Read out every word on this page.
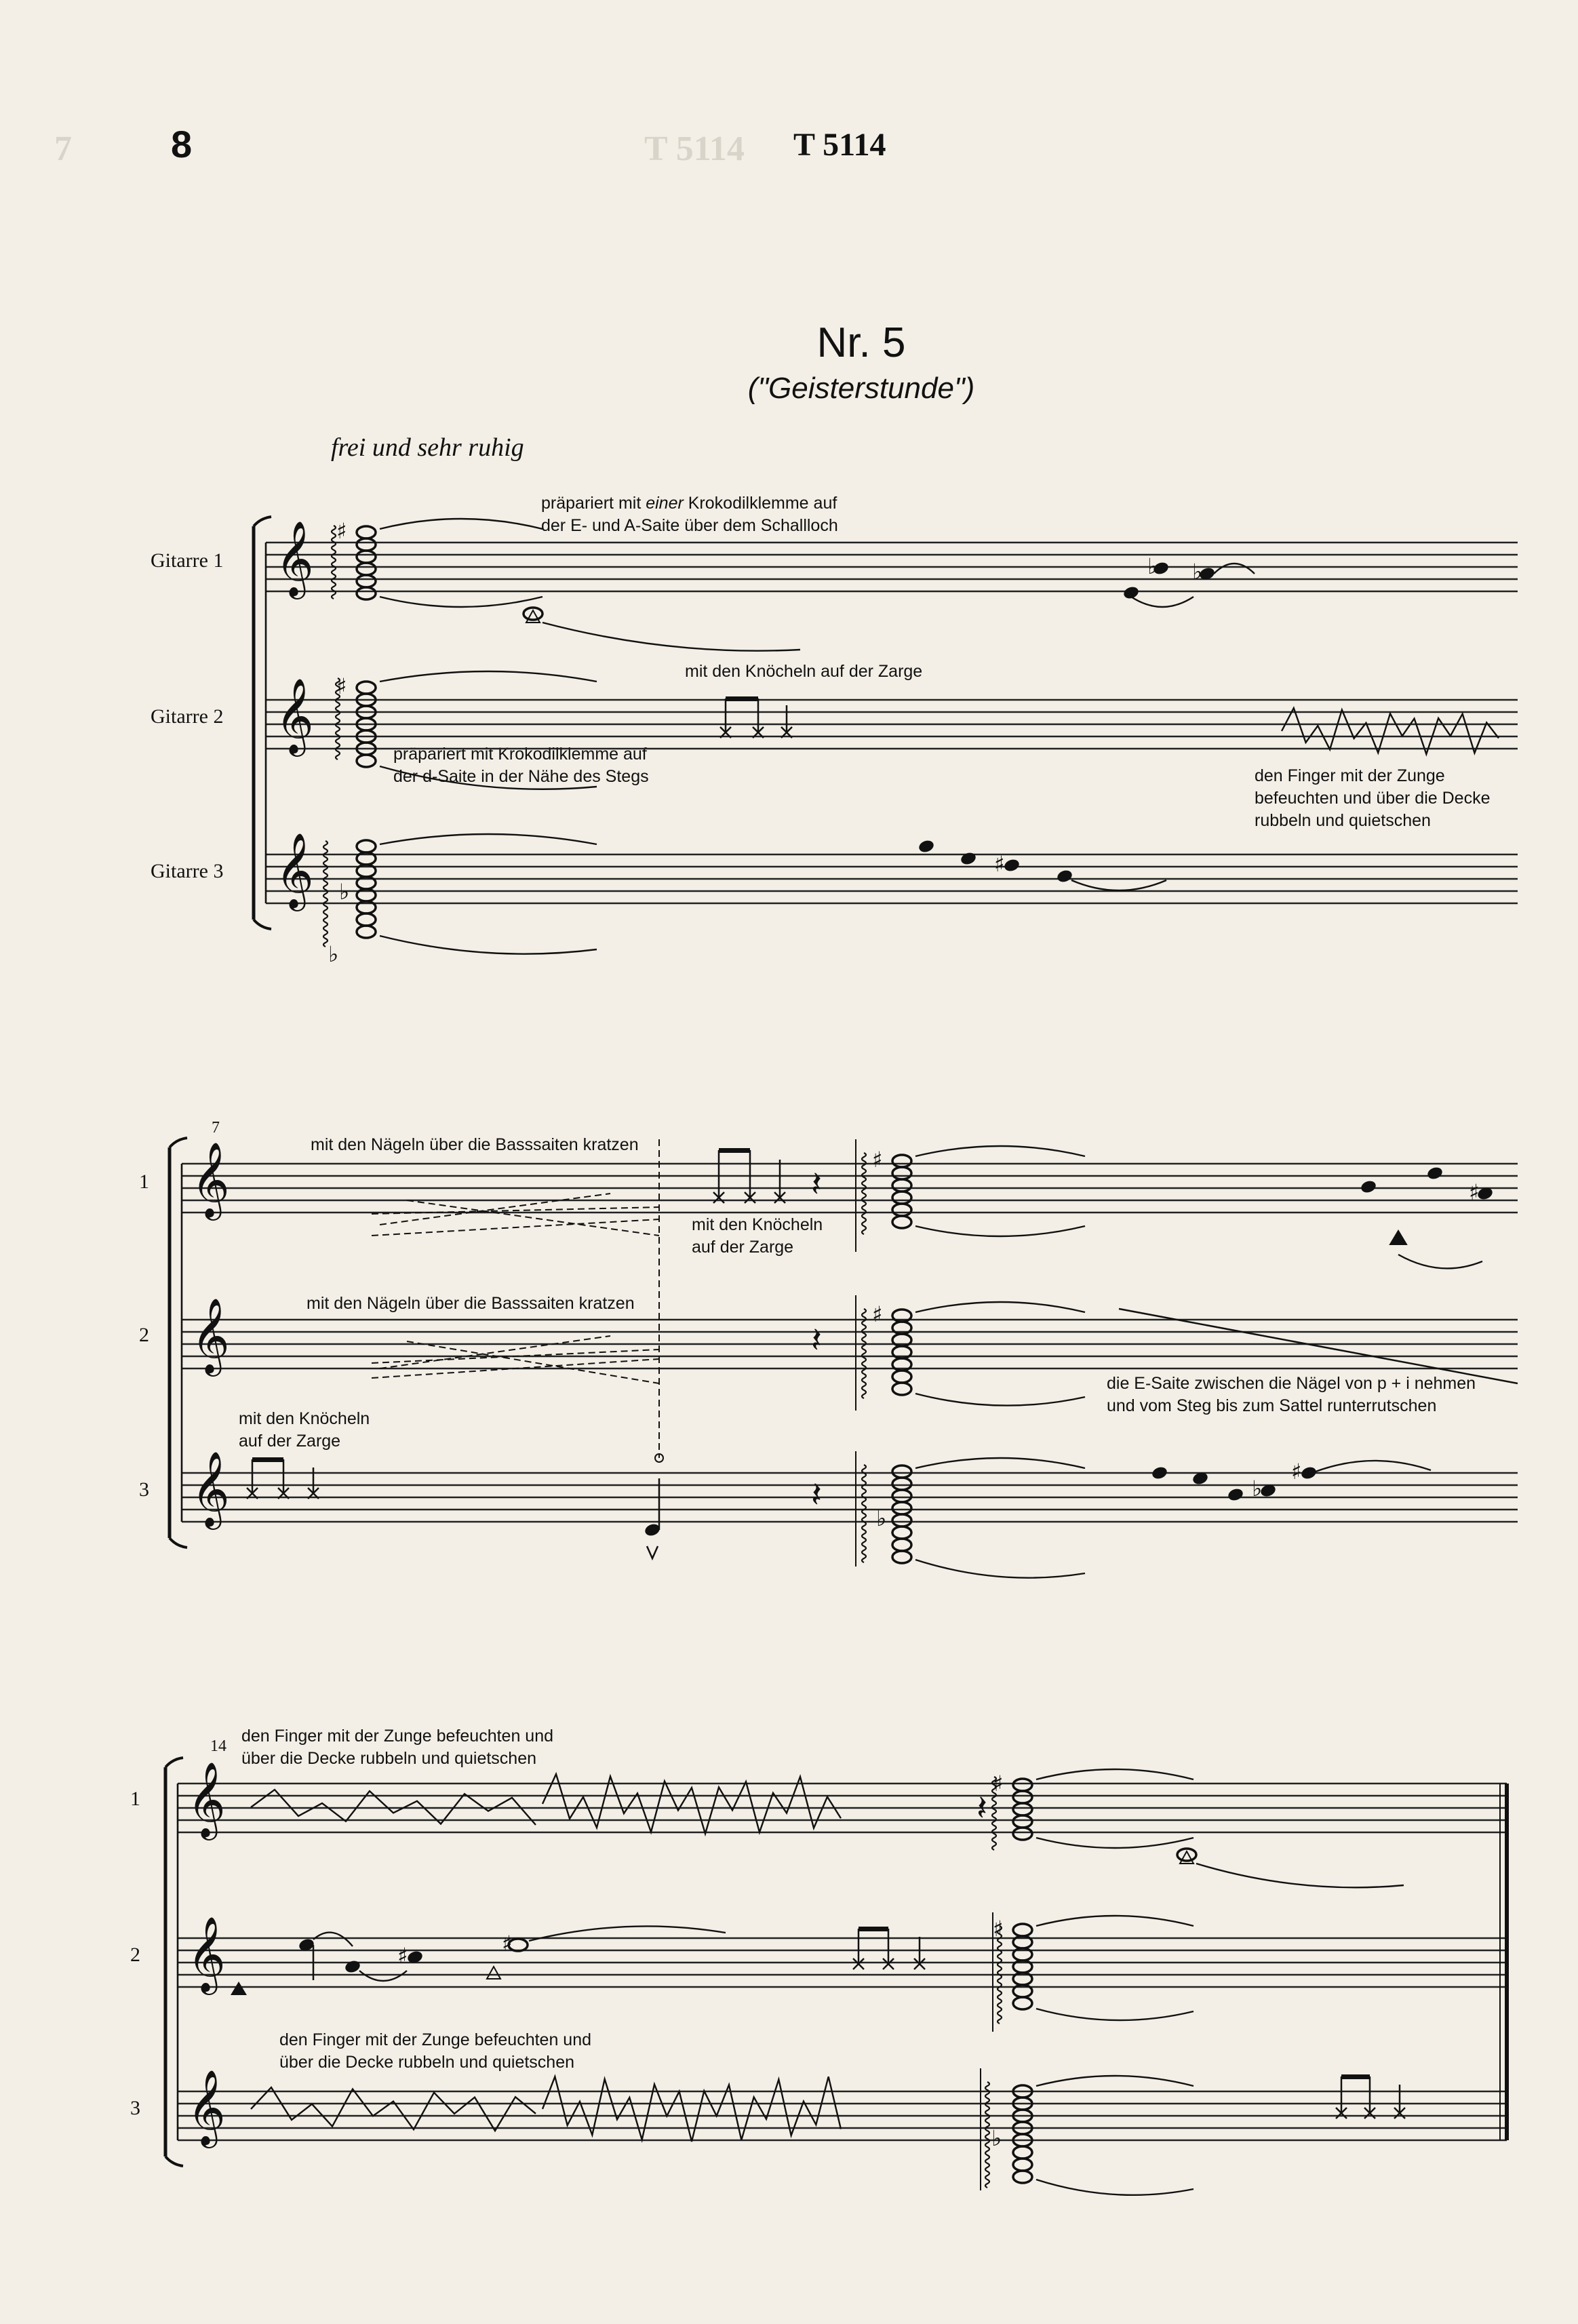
7	T 5114
8	T 5114
Nr. 5
("Geisterstunde")
frei und sehr ruhig
Gitarre 1
Gitarre 2
Gitarre 3
präpariert mit einer Krokodilklemme auf
der E- und A-Saite über dem Schallloch
mit den Knöcheln auf der Zarge
präpariert mit Krokodilklemme auf
der d-Saite in der Nähe des Stegs	den Finger mit der Zunge
befeuchten und über die Decke
rubbeln und quietschen
7
1
2
3
mit den Nägeln über die Basssaiten kratzen
mit den Knöcheln
auf der Zarge
mit den Nägeln über die Basssaiten kratzen
die E-Saite zwischen die Nägel von p + i nehmen
und vom Steg bis zum Sattel runterrutschen
mit den Knöcheln
auf der Zarge
14
1
2
3
den Finger mit der Zunge befeuchten und
über die Decke rubbeln und quietschen
den Finger mit der Zunge befeuchten und
über die Decke rubbeln und quietschen
𝄞
𝄞
𝄞
♯
♭ ♭
♯
♭
♭
♯
𝄞
𝄞
𝄞
𝄽
♯
♯
𝄽
♯
𝄽
♭
♭
♯
𝄞
𝄞
𝄞
𝄽
♯
♯	♯
♯
♭
